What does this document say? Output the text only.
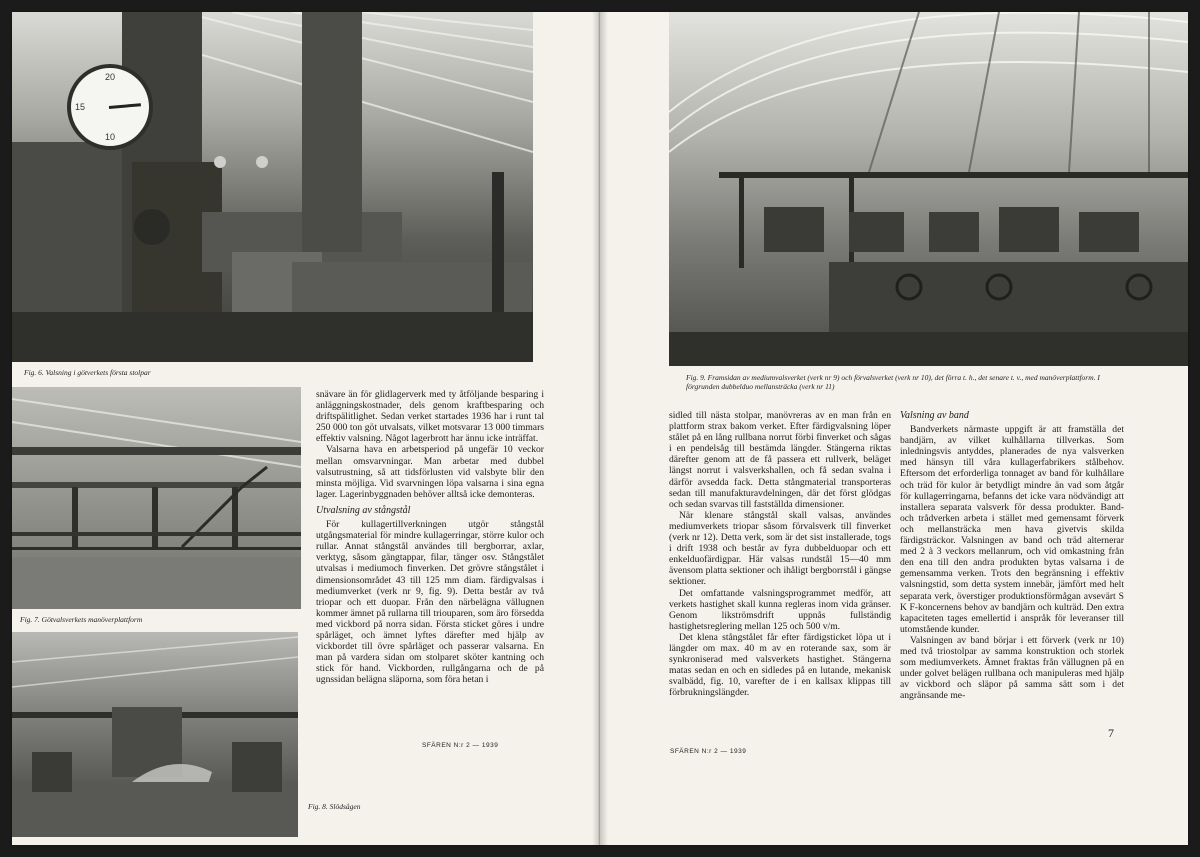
20
15
10
Fig. 6. Valsning i götverkets första stolpar
Fig. 7. Götvalsverkets manöverplattform
Fig. 8. Slödsågen

snävare än för glidlagerverk med ty åtföljande besparing i anläggningskostnader, dels genom kraftbesparing och driftspälitlighet. Sedan verket startades 1936 har i runt tal 250 000 ton göt utvalsats, vilket motsvarar 13 000 timmars effektiv valsning. Något lagerbrott har ännu icke inträffat.

Valsarna hava en arbetsperiod på ungefär 10 veckor mellan omsvarvningar. Man arbetar med dubbel valsutrustning, så att tidsförlusten vid valsbyte blir den minsta möjliga. Vid svarvningen löpa valsarna i sina egna lager. Lagerinbyggnaden behöver alltså icke demonteras.

Utvalsning av stångstål

För kullagertillverkningen utgör stångstål utgångsmaterial för mindre kullagerringar, större kulor och rullar. Annat stångstål användes till bergborrar, axlar, verktyg, såsom gängtappar, filar, tänger osv. Stångstålet utvalsas i mediumoch finverken. Det grövre stångstålet i dimensionsområdet 43 till 125 mm diam. färdigvalsas i mediumverket (verk nr 9, fig. 9). Detta består av två triopar och ett duopar. Från den närbelägna vällugnen kommer ämnet på rullarna till triouparen, som äro försedda med vickbord på norra sidan. Första sticket göres i undre spårläget, och ämnet lyftes därefter med hjälp av vickbordet till övre spårläget och passerar valsarna. En man på vardera sidan om stolparet sköter kantning och stick för hand. Vickborden, rullgångarna och de på ugnssidan belägna släporna, som föra hetan i

SFÄREN N:r 2 — 1939
Fig. 9. Framsidan av mediumvalsverket (verk nr 9) och förvalsverket (verk nr 10), det förra t. h., det senare t. v., med manöverplattform. I förgrunden dubbelduo mellansträcka (verk nr 11)

sidled till nästa stolpar, manövreras av en man från en plattform strax bakom verket. Efter färdigvalsning löper stålet på en lång rullbana norrut förbi finverket och sågas i en pendelsåg till bestämda längder. Stängerna riktas därefter genom att de få passera ett rullverk, beläget längst norrut i valsverkshallen, och få sedan svalna i därför avsedda fack. Detta stångmaterial transporteras sedan till manufakturavdelningen, där det först glödgas och sedan svarvas till fastställda dimensioner.

När klenare stångstål skall valsas, användes mediumverkets triopar såsom förvalsverk till finverket (verk nr 12). Detta verk, som är det sist installerade, togs i drift 1938 och består av fyra dubbelduopar och ett enkelduofärdigpar. Här valsas rundstål 15—40 mm ävensom platta sektioner och ihåligt bergborrstål i gängse sektioner.

Det omfattande valsningsprogrammet medför, att verkets hastighet skall kunna regleras inom vida gränser. Genom likströmsdrift uppnås fullständig hastighetsreglering mellan 125 och 500 v/m.

Det klena stångstålet får efter färdigsticket löpa ut i längder om max. 40 m av en roterande sax, som är synkroniserad med valsverkets hastighet. Stängerna matas sedan en och en sidledes på en lutande, mekanisk svalbädd, fig. 10, varefter de i en kallsax klippas till förbrukningslängder.

SFÄREN N:r 2 — 1939
Valsning av band

Bandverkets närmaste uppgift är att framställa det bandjärn, av vilket kulhållarna tillverkas. Som inledningsvis antyddes, planerades de nya valsverken med hänsyn till våra kullagerfabrikers stålbehov. Eftersom det erforderliga tonnaget av band för kulhållare och träd för kulor är betydligt mindre än vad som åtgår för kullagerringarna, befanns det icke vara nödvändigt att installera separata valsverk för dessa produkter. Band- och trådverken arbeta i stället med gemensamt förverk och mellansträcka men hava givetvis skilda färdigsträckor. Valsningen av band och träd alternerar med 2 à 3 veckors mellanrum, och vid omkastning från den ena till den andra produkten bytas valsarna i de gemensamma verken. Trots den begränsning i effektiv valsningstid, som detta system innebär, jämfört med helt separata verk, överstiger produktionsförmågan avsevärt S K F-koncernens behov av bandjärn och kulträd. Den extra kapaciteten tages emellertid i anspråk för leveranser till utomstående kunder.

Valsningen av band börjar i ett förverk (verk nr 10) med två triostolpar av samma konstruktion och storlek som mediumverkets. Ämnet fraktas från vällugnen på en under golvet belägen rullbana och manipuleras med hjälp av vickbord och släpor på samma sätt som i det angränsande me-

7
